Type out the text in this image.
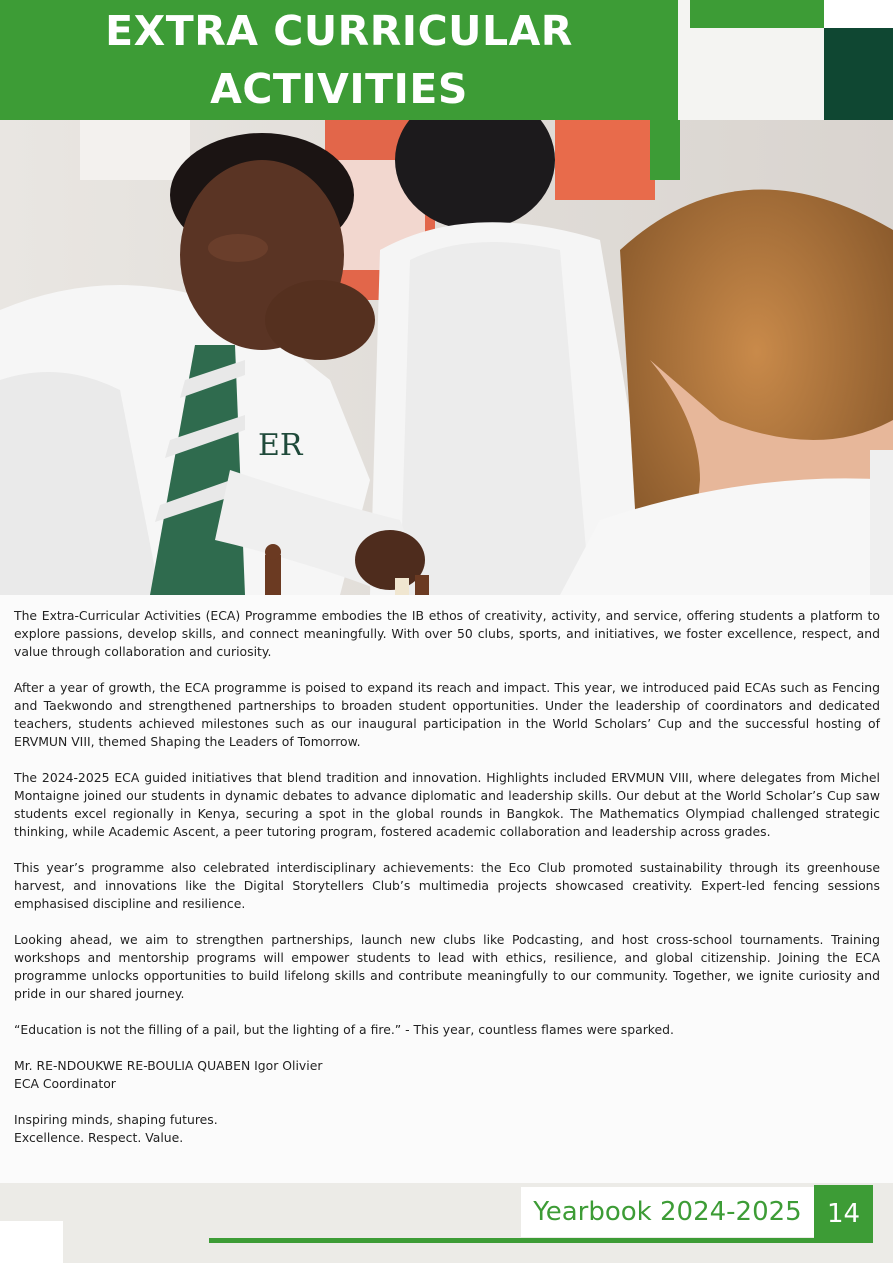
EXTRA CURRICULAR
ACTIVITIES
ER

The Extra-Curricular Activities (ECA) Programme embodies the IB ethos of creativity, activity, and service, offering students a platform to explore passions, develop skills, and connect meaningfully. With over 50 clubs, sports, and initiatives, we foster excellence, respect, and value through collaboration and curiosity.

After a year of growth, the ECA programme is poised to expand its reach and impact. This year, we introduced paid ECAs such as Fencing and Taekwondo and strengthened partnerships to broaden student opportunities. Under the leadership of coordinators and dedicated teachers, students achieved milestones such as our inaugural participation in the World Scholars’ Cup and the successful hosting of ERVMUN VIII, themed Shaping the Leaders of Tomorrow.

The 2024-2025 ECA guided initiatives that blend tradition and innovation. Highlights included ERVMUN VIII, where delegates from Michel Montaigne joined our students in dynamic debates to advance diplomatic and leadership skills. Our debut at the World Scholar’s Cup saw students excel regionally in Kenya, securing a spot in the global rounds in Bangkok. The Mathematics Olympiad challenged strategic thinking, while Academic Ascent, a peer tutoring program, fostered academic collaboration and leadership across grades.

This year’s programme also celebrated interdisciplinary achievements: the Eco Club promoted sustainability through its greenhouse harvest, and innovations like the Digital Storytellers Club’s multimedia projects showcased creativity. Expert-led fencing sessions emphasised discipline and resilience.

Looking ahead, we aim to strengthen partnerships, launch new clubs like Podcasting, and host cross-school tournaments. Training workshops and mentorship programs will empower students to lead with ethics, resilience, and global citizenship. Joining the ECA programme unlocks opportunities to build lifelong skills and contribute meaningfully to our community. Together, we ignite curiosity and pride in our shared journey.

“Education is not the filling of a pail, but the lighting of a fire.” - This year, countless flames were sparked.

Mr. RE-NDOUKWE RE-BOULIA QUABEN Igor Olivier

ECA Coordinator

Inspiring minds, shaping futures.

Excellence. Respect. Value.

Yearbook 2024-2025 14
